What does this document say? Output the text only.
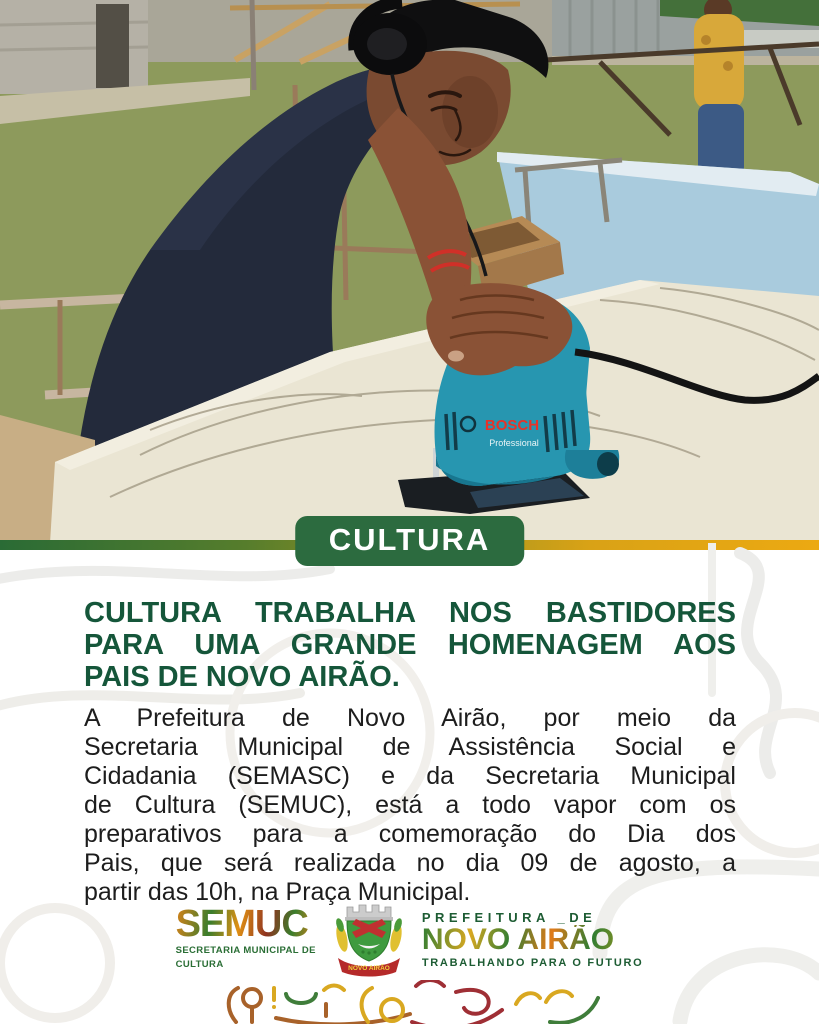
BOSCH
Professional
CULTURA
CULTURA TRABALHA NOS BASTIDORES
PARA UMA GRANDE HOMENAGEM AOS
PAIS DE NOVO AIRÃO.
A Prefeitura de Novo Airão, por meio da
Secretaria Municipal de Assistência Social e
Cidadania (SEMASC) e da Secretaria Municipal
de Cultura (SEMUC), está a todo vapor com os
preparativos para a comemoração do Dia dos
Pais, que será realizada no dia 09 de agosto, a
partir das 10h, na Praça Municipal.
SEMUC
SECRETARIA MUNICIPAL DE
CULTURA	NOVO AIRÃO
PREFEITURA _DE
NOVO AIRÃO
TRABALHANDO PARA O FUTURO
